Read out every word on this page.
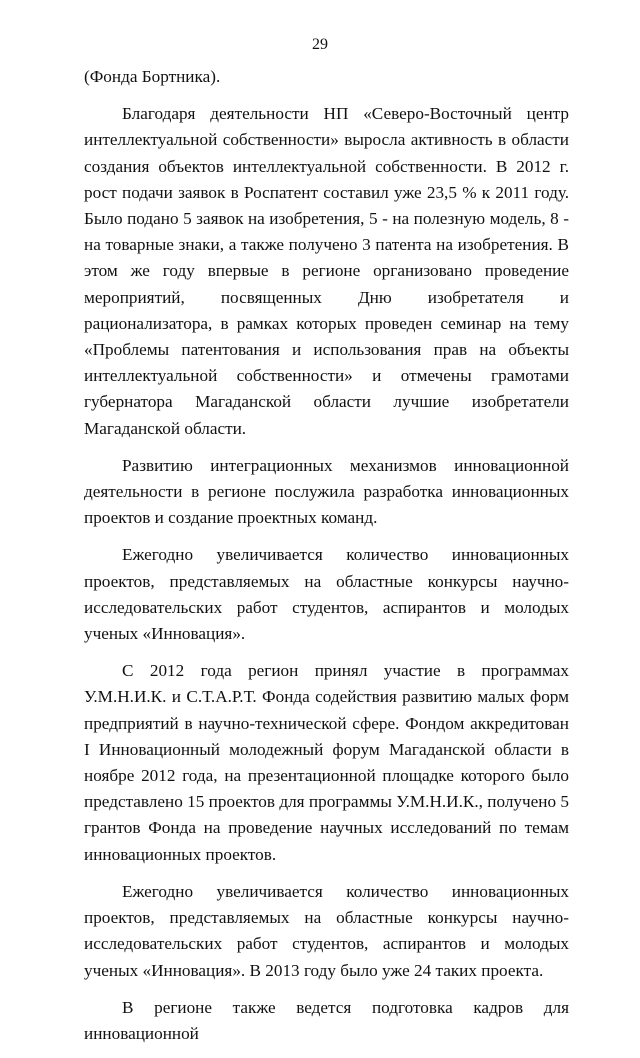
29

(Фонда Бортника).

Благодаря деятельности НП «Северо-Восточный центр интеллектуальной собственности» выросла активность в области создания объектов интеллектуальной собственности. В 2012 г. рост подачи заявок в Роспатент составил уже 23,5 % к 2011 году. Было подано 5 заявок на изобретения, 5 - на полезную модель, 8 - на товарные знаки, а также получено 3 патента на изобретения. В этом же году впервые в регионе организовано проведение мероприятий, посвященных Дню изобретателя и рационализатора, в рамках которых проведен семинар на тему «Проблемы патентования и использования прав на объекты интеллектуальной собственности» и отмечены грамотами губернатора Магаданской области лучшие изобретатели Магаданской области.

Развитию интеграционных механизмов инновационной деятельности в регионе послужила разработка инновационных проектов и создание проектных команд.

Ежегодно увеличивается количество инновационных проектов, представляемых на областные конкурсы научно-исследовательских работ студентов, аспирантов и молодых ученых «Инновация».

С 2012 года регион принял участие в программах У.М.Н.И.К. и С.Т.А.Р.Т. Фонда содействия развитию малых форм предприятий в научно-технической сфере. Фондом аккредитован I Инновационный молодежный форум Магаданской области в ноябре 2012 года, на презентационной площадке которого было представлено 15 проектов для программы У.М.Н.И.К., получено 5 грантов Фонда на проведение научных исследований по темам инновационных проектов.

Ежегодно увеличивается количество инновационных проектов, представляемых на областные конкурсы научно-исследовательских работ студентов, аспирантов и молодых ученых «Инновация». В 2013 году было уже 24 таких проекта.

В регионе также ведется подготовка кадров для инновационной
